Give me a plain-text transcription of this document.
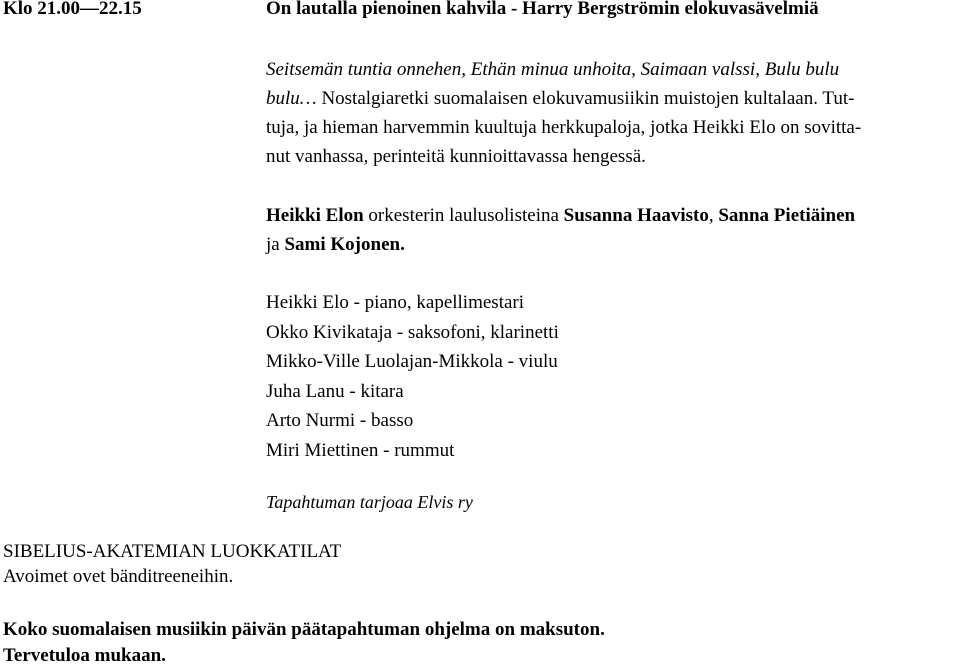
Klo 21.00—22.15	On lautalla pienoinen kahvila - Harry Bergströmin elokuvasävelmiä

Seitsemän tuntia onnehen, Ethän minua unhoita, Saimaan valssi, Bulu bulu
bulu… Nostalgiaretki suomalaisen elokuvamusiikin muistojen kultalaan. Tut-
tuja, ja hieman harvemmin kuultuja herkkupaloja, jotka Heikki Elo on sovitta-
nut vanhassa, perinteitä kunnioittavassa hengessä.

Heikki Elon orkesterin laulusolisteina Susanna Haavisto, Sanna Pietiäinen
ja Sami Kojonen.

Heikki Elo - piano, kapellimestari
Okko Kivikataja - saksofoni, klarinetti
Mikko-Ville Luolajan-Mikkola - viulu
Juha Lanu - kitara
Arto Nurmi - basso
Miri Miettinen - rummut
Tapahtuman tarjoaa Elvis ry
SIBELIUS-AKATEMIAN LUOKKATILAT
Avoimet ovet bänditreeneihin.
Koko suomalaisen musiikin päivän päätapahtuman ohjelma on maksuton.
Tervetuloa mukaan.
